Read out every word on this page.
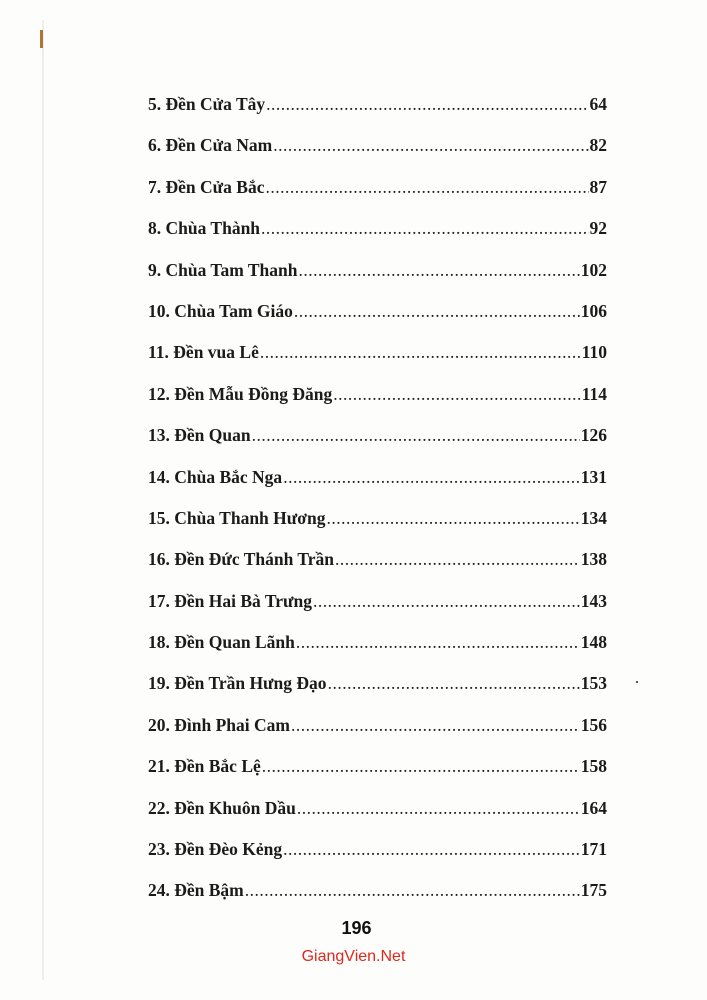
5. Đền Cửa Tây .....	64
6. Đền Cửa Nam .....	82
7. Đền Cửa Bắc .....	87
8. Chùa Thành .....	92
9. Chùa Tam Thanh .....	102
10. Chùa Tam Giáo .....	106
11. Đền vua Lê .....	110
12. Đền Mẫu Đồng Đăng .....	114
13. Đền Quan .....	126
14. Chùa Bắc Nga .....	131
15. Chùa Thanh Hương .....	134
16. Đền Đức Thánh Trần .....	138
17. Đền Hai Bà Trưng .....	143
18. Đền Quan Lãnh .....	148
19. Đền Trần Hưng Đạo .....	153
20. Đình Phai Cam .....	156
21. Đền Bắc Lệ .....	158
22. Đền Khuôn Dầu .....	164
23. Đền Đèo Kẻng .....	171
24. Đền Bậm .....	175
196
GiangVien.Net
